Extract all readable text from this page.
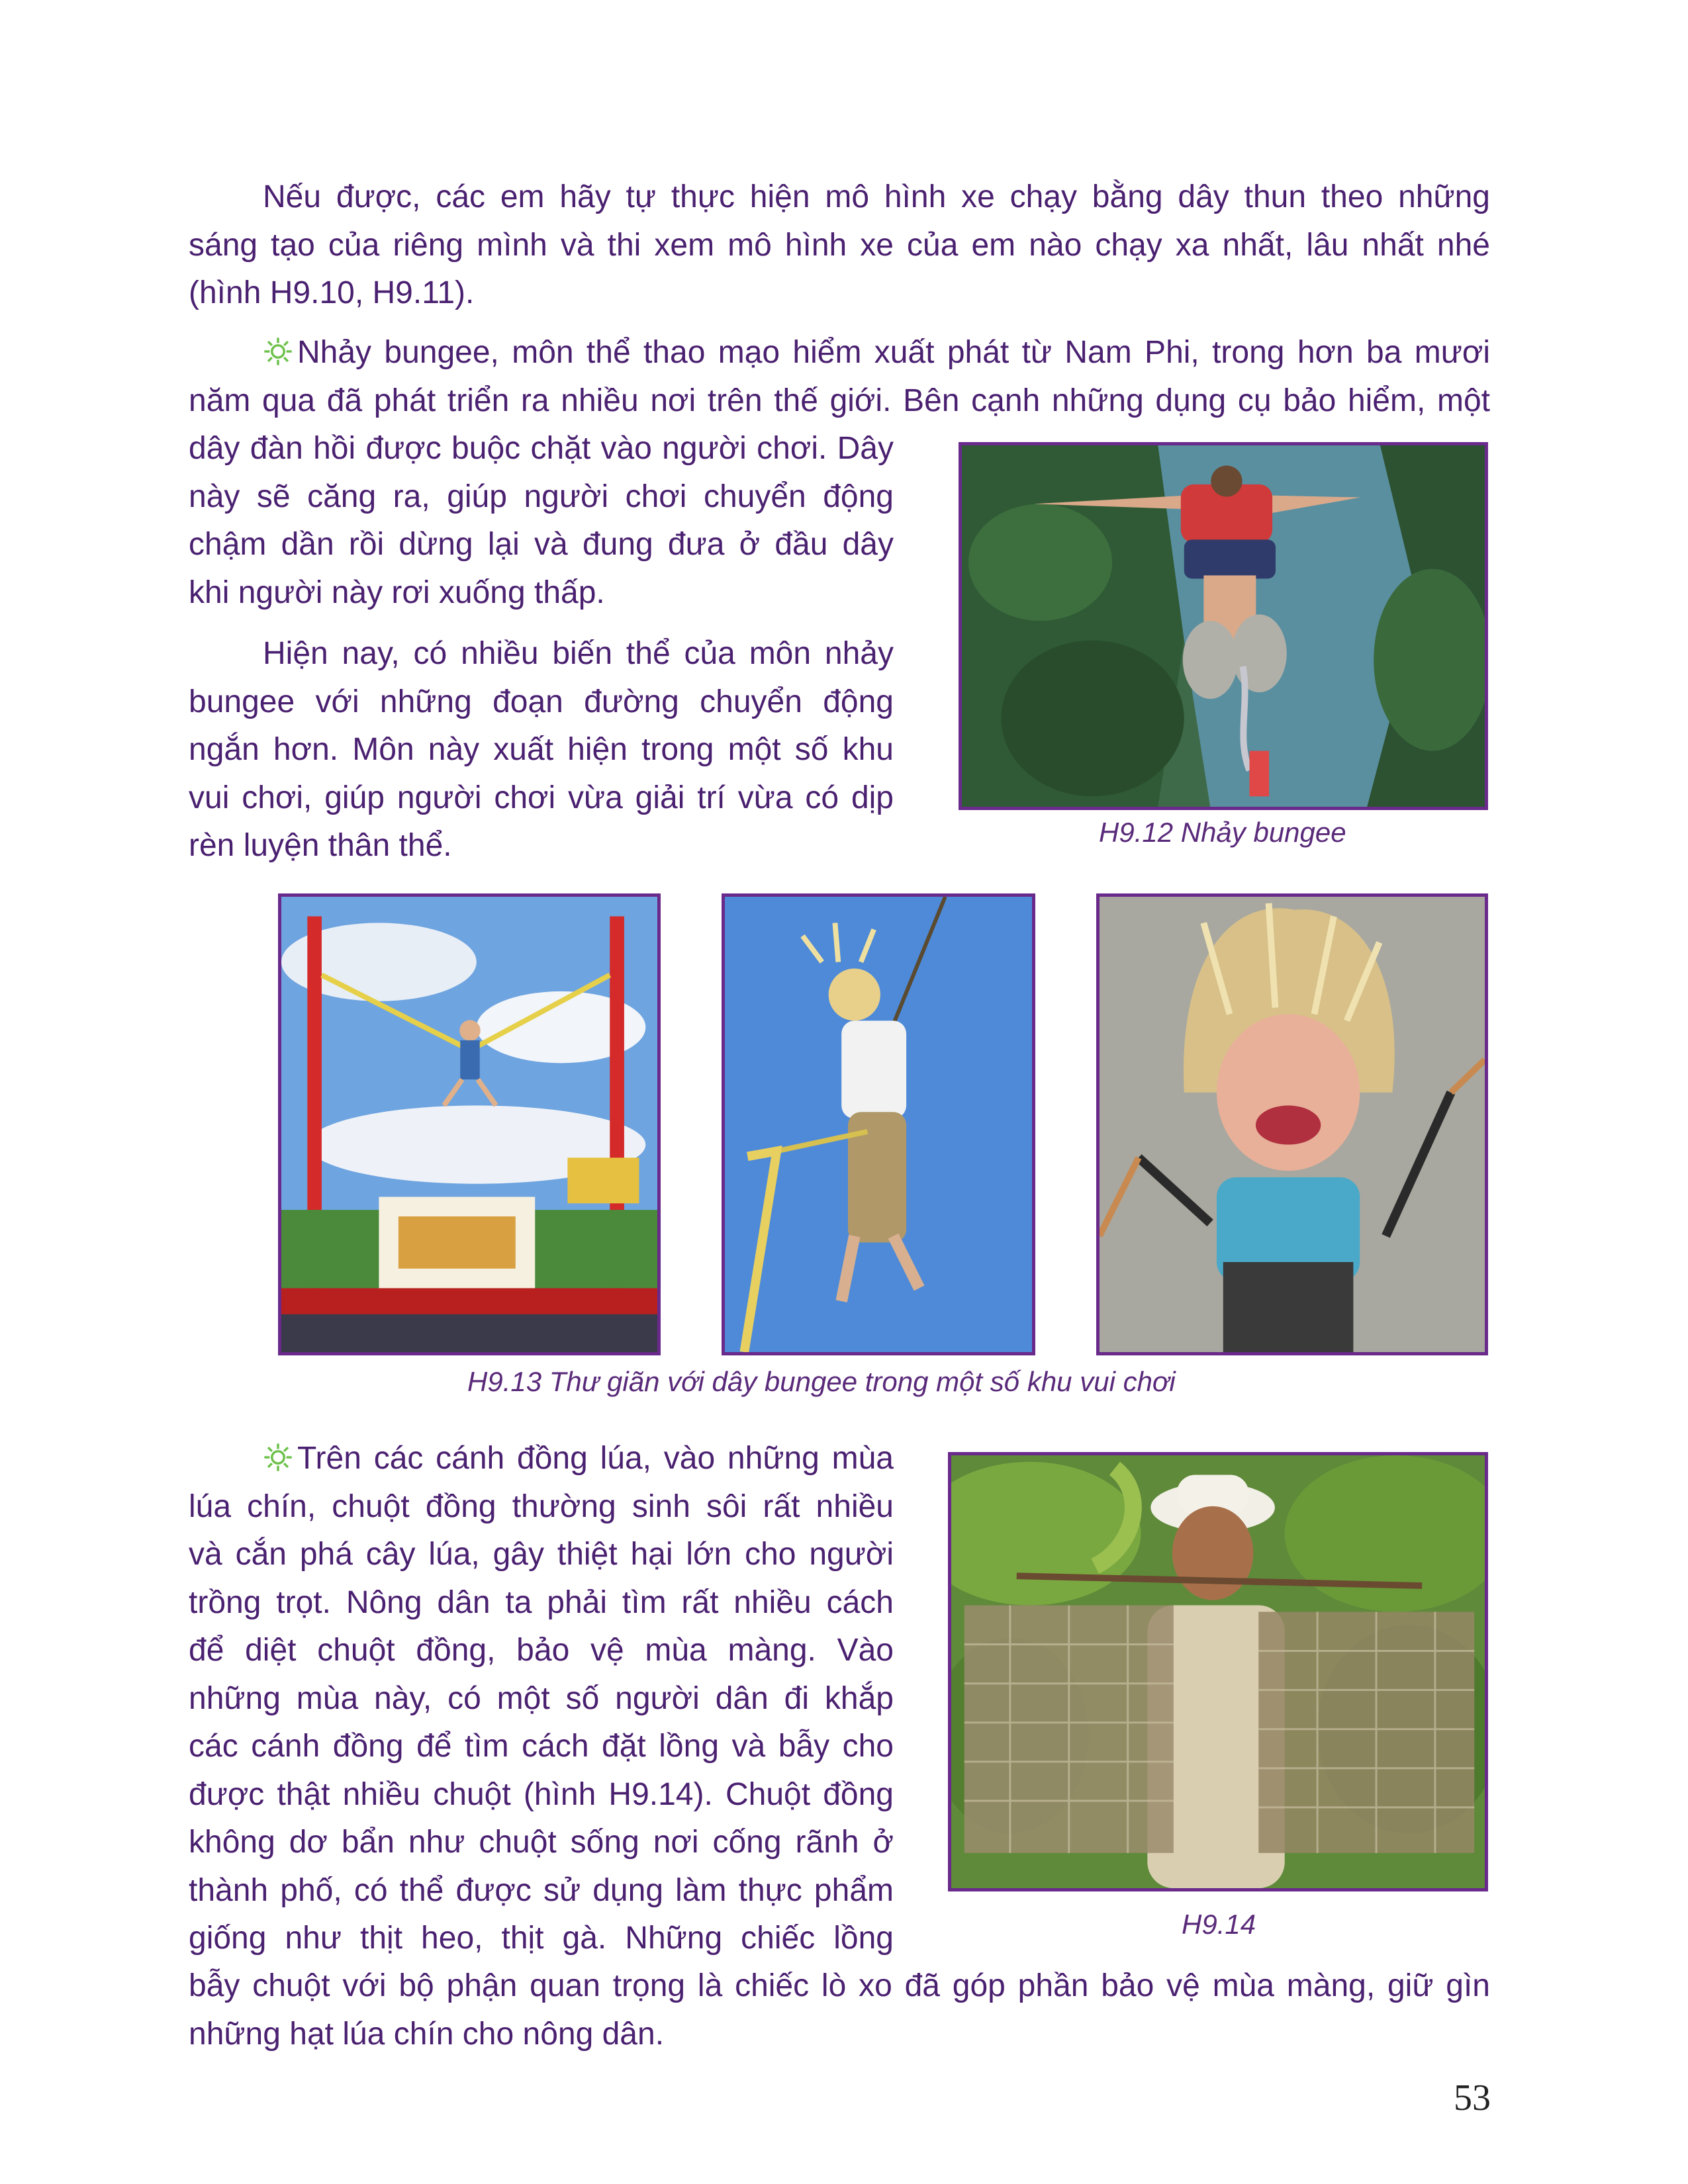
Nếu được, các em hãy tự thực hiện mô hình xe chạy bằng dây thun theo những
sáng tạo của riêng mình và thi xem mô hình xe của em nào chạy xa nhất, lâu nhất nhé
(hình H9.10, H9.11).
Nhảy bungee, môn thể thao mạo hiểm xuất phát từ Nam Phi, trong hơn ba mươi
năm qua đã phát triển ra nhiều nơi trên thế giới. Bên cạnh những dụng cụ bảo hiểm, một
dây đàn hồi được buộc chặt vào người chơi. Dây
này sẽ căng ra, giúp người chơi chuyển động
chậm dần rồi dừng lại và đung đưa ở đầu dây
khi người này rơi xuống thấp.
Hiện nay, có nhiều biến thể của môn nhảy
bungee với những đoạn đường chuyển động
ngắn hơn. Môn này xuất hiện trong một số khu
vui chơi, giúp người chơi vừa giải trí vừa có dịp
rèn luyện thân thể.	H9.12 Nhảy bungee
H9.13 Thư giãn với dây bungee trong một số khu vui chơi
Trên các cánh đồng lúa, vào những mùa
lúa chín, chuột đồng thường sinh sôi rất nhiều
và cắn phá cây lúa, gây thiệt hại lớn cho người
trồng trọt. Nông dân ta phải tìm rất nhiều cách
để diệt chuột đồng, bảo vệ mùa màng. Vào
những mùa này, có một số người dân đi khắp
các cánh đồng để tìm cách đặt lồng và bẫy cho
được thật nhiều chuột (hình H9.14). Chuột đồng
không dơ bẩn như chuột sống nơi cống rãnh ở
thành phố, có thể được sử dụng làm thực phẩm
giống như thịt heo, thịt gà. Những chiếc lồng
bẫy chuột với bộ phận quan trọng là chiếc lò xo đã góp phần bảo vệ mùa màng, giữ gìn
những hạt lúa chín cho nông dân.
H9.14
53
